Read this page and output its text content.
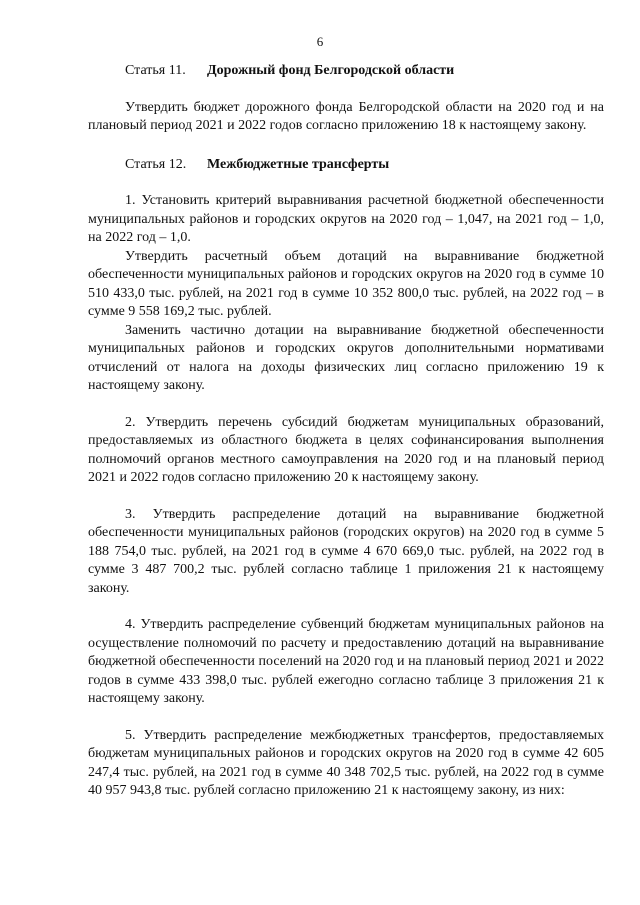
6
Статья 11. Дорожный фонд Белгородской области

Утвердить бюджет дорожного фонда Белгородской области на 2020 год и на плановый период 2021 и 2022 годов согласно приложению 18 к настоящему закону.

Статья 12. Межбюджетные трансферты

1. Установить критерий выравнивания расчетной бюджетной обеспеченности муниципальных районов и городских округов на 2020 год – 1,047, на 2021 год – 1,0, на 2022 год – 1,0.

Утвердить расчетный объем дотаций на выравнивание бюджетной обеспеченности муниципальных районов и городских округов на 2020 год в сумме 10 510 433,0 тыс. рублей, на 2021 год в сумме 10 352 800,0 тыс. рублей, на 2022 год – в сумме 9 558 169,2 тыс. рублей.

Заменить частично дотации на выравнивание бюджетной обеспеченности муниципальных районов и городских округов дополнительными нормативами отчислений от налога на доходы физических лиц согласно приложению 19 к настоящему закону.

2. Утвердить перечень субсидий бюджетам муниципальных образований, предоставляемых из областного бюджета в целях софинансирования выполнения полномочий органов местного самоуправления на 2020 год и на плановый период 2021 и 2022 годов согласно приложению 20 к настоящему закону.

3. Утвердить распределение дотаций на выравнивание бюджетной обеспеченности муниципальных районов (городских округов) на 2020 год в сумме 5 188 754,0 тыс. рублей, на 2021 год в сумме 4 670 669,0 тыс. рублей, на 2022 год в сумме 3 487 700,2 тыс. рублей согласно таблице 1 приложения 21 к настоящему закону.

4. Утвердить распределение субвенций бюджетам муниципальных районов на осуществление полномочий по расчету и предоставлению дотаций на выравнивание бюджетной обеспеченности поселений на 2020 год и на плановый период 2021 и 2022 годов в сумме 433 398,0 тыс. рублей ежегодно согласно таблице 3 приложения 21 к настоящему закону.

5. Утвердить распределение межбюджетных трансфертов, предоставляемых бюджетам муниципальных районов и городских округов на 2020 год в сумме 42 605 247,4 тыс. рублей, на 2021 год в сумме 40 348 702,5 тыс. рублей, на 2022 год в сумме 40 957 943,8 тыс. рублей согласно приложению 21 к настоящему закону, из них:
